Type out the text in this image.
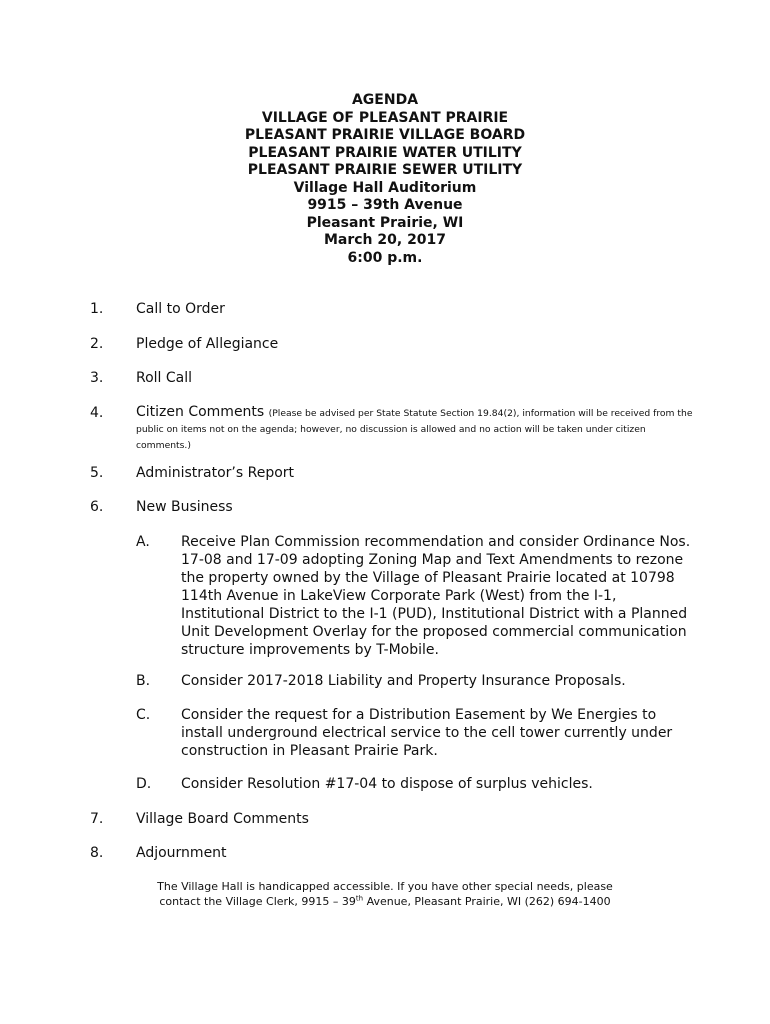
AGENDA
VILLAGE OF PLEASANT PRAIRIE
PLEASANT PRAIRIE VILLAGE BOARD
PLEASANT PRAIRIE WATER UTILITY
PLEASANT PRAIRIE SEWER UTILITY
Village Hall Auditorium
9915 – 39th Avenue
Pleasant Prairie, WI
March 20, 2017
6:00 p.m.
1.	Call to Order
2.	Pledge of Allegiance
3.	Roll Call
4.	Citizen Comments (Please be advised per State Statute Section 19.84(2), information will be received from the public on items not on the agenda; however, no discussion is allowed and no action will be taken under citizen comments.)
5.	Administrator’s Report
6.	New Business
A. Receive Plan Commission recommendation and consider Ordinance Nos. 17-08 and 17-09 adopting Zoning Map and Text Amendments to rezone the property owned by the Village of Pleasant Prairie located at 10798 114th Avenue in LakeView Corporate Park (West) from the I-1, Institutional District to the I-1 (PUD), Institutional District with a Planned Unit Development Overlay for the proposed commercial communication structure improvements by T-Mobile.
B. Consider 2017-2018 Liability and Property Insurance Proposals.
C. Consider the request for a Distribution Easement by We Energies to install underground electrical service to the cell tower currently under construction in Pleasant Prairie Park.
D. Consider Resolution #17-04 to dispose of surplus vehicles.
7.	Village Board Comments
8.	Adjournment
The Village Hall is handicapped accessible. If you have other special needs, please
contact the Village Clerk, 9915 – 39th Avenue, Pleasant Prairie, WI (262) 694-1400
